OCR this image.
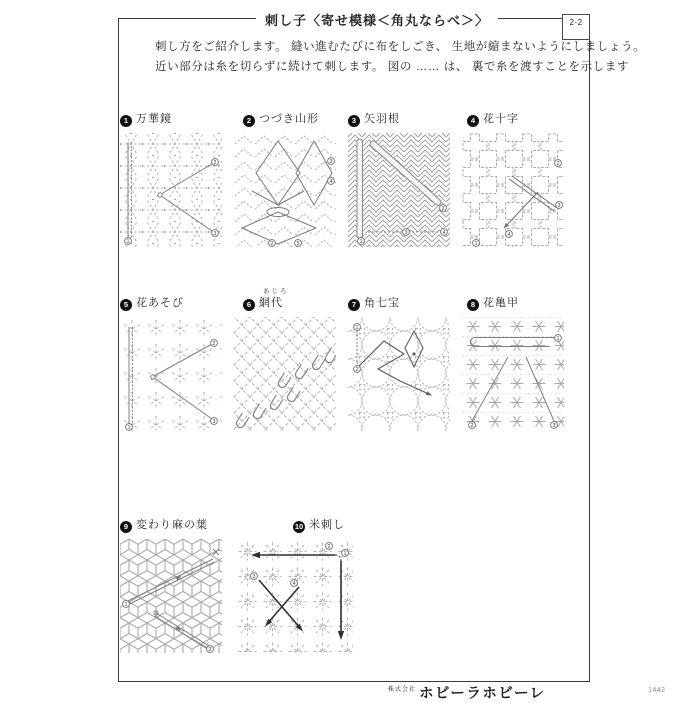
刺し子〈寄せ模様＜角丸ならべ＞〉	2-2
刺し方をご紹介します。 縫い進むたびに布をしごき、 生地が縮まないようにしましょう。
近い部分は糸を切らずに続けて刺します。 図の …… は、 裏で糸を渡すことを示します
1 万華鏡
1
2
3
2 つづき山形
3
4
2	5
3 矢羽根
1
2
3	4
4 花十字
2
3
4
1
5 花あそび
1
2
3
あじろ
6 網代	7 角七宝
1
2
8 花亀甲
1
2	3
9 変わり麻の葉
1
2
10 米刺し
2
1
3
4
株式会社 ホビーラホビーレ	1442
